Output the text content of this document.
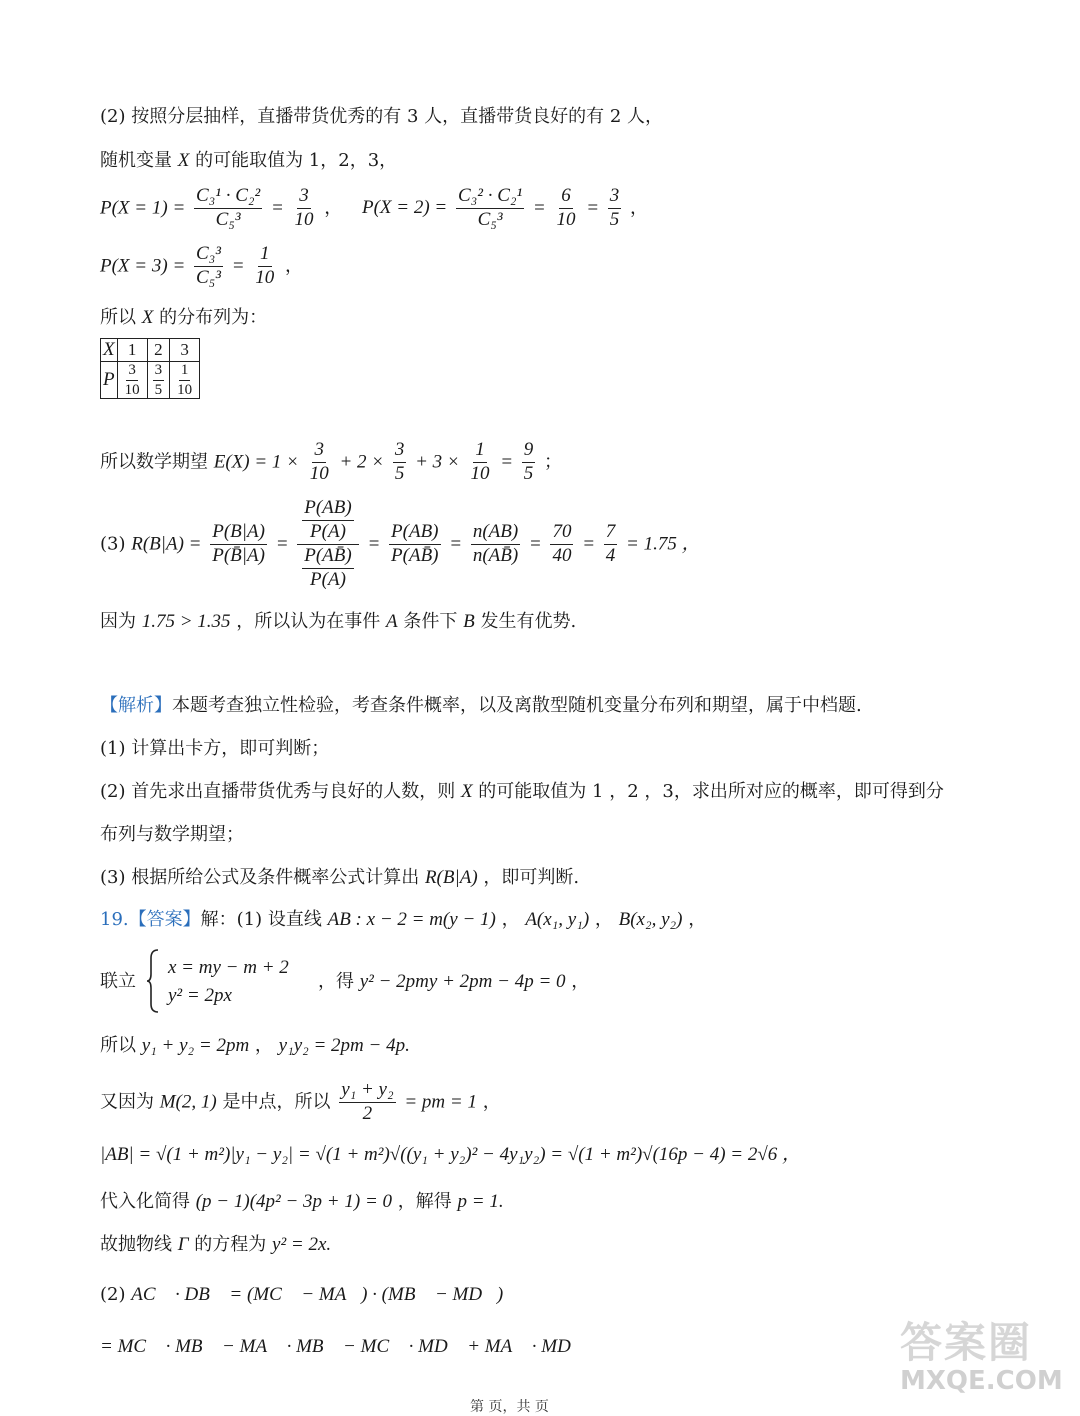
(2) 按照分层抽样，直播带货优秀的有 3 人，直播带货良好的有 2 人，
随机变量 X 的可能取值为 1，2，3，
$P(X = 1) = \frac{\text{C₃¹ · C₂²}}{\text{C₅³}} = \frac{3}{10}$ ， $P(X = 2) = \frac{\text{C₃² · C₂¹}}{\text{C₅³}} = \frac{6}{10} = \frac{3}{5}$ ，
$P(X = 3) = \frac{\text{C₃³}}{\text{C₅³}} = \frac{1}{10}$ ，
所以 X 的分布列为：
X	1	2	3
P	$\frac{3}{10}$	$\frac{3}{5}$	$\frac{1}{10}$
所以数学期望 $E(X) = 1 \times \frac{3}{10} + 2 \times \frac{3}{5} + 3 \times \frac{1}{10} = \frac{9}{5}$ ；
(3) $R(B|A) = \frac{P(B|A)}{P(B̄|A)} = \frac{\frac{P(AB)}{P(A)}}{\frac{P(AB̄)}{P(A)}} = \frac{P(AB)}{P(AB̄)} = \frac{n(AB)}{n(AB̄)} = \frac{70}{40} = \frac{7}{4} = 1.75$ ，
因为 1.75 > 1.35 ，所以认为在事件 A 条件下 B 发生有优势.
【解析】本题考查独立性检验，考查条件概率，以及离散型随机变量分布列和期望，属于中档题.
(1) 计算出卡方，即可判断；
(2) 首先求出直播带货优秀与良好的人数，则 X 的可能取值为 1 ，2 ，3，求出所对应的概率，即可得到分
布列与数学期望；
(3) 根据所给公式及条件概率公式计算出 R(B|A) ，即可判断.
19.【答案】解：(1) 设直线 AB : x − 2 = m(y − 1) ， A(x₁, y₁) ， B(x₂, y₂) ，
联立
x = my − m + 2
y² = 2px
，得 y² − 2pmy + 2pm − 4p = 0 ，
所以 y₁ + y₂ = 2pm ， y₁y₂ = 2pm − 4p.
又因为 M(2, 1) 是中点，所以 $\frac{\text{y₁ + y₂}}{2}$ = pm = 1 ，
|AB| = √(1 + m²)|y₁ − y₂| = √(1 + m²)√((y₁ + y₂)² − 4y₁y₂) = √(1 + m²)√(16p − 4) = 2√6 ，
代入化简得 (p − 1)(4p² − 3p + 1) = 0 ，解得 p = 1.
故抛物线 Γ 的方程为 y² = 2x.
(2) AC⃗ · DB⃗ = (MC⃗ − MA⃗) · (MB⃗ − MD⃗)
= MC⃗ · MB⃗ − MA⃗ · MB⃗ − MC⃗ · MD⃗ + MA⃗ · MD⃗	答案圈
MXQE.COM
第 页，共 页
